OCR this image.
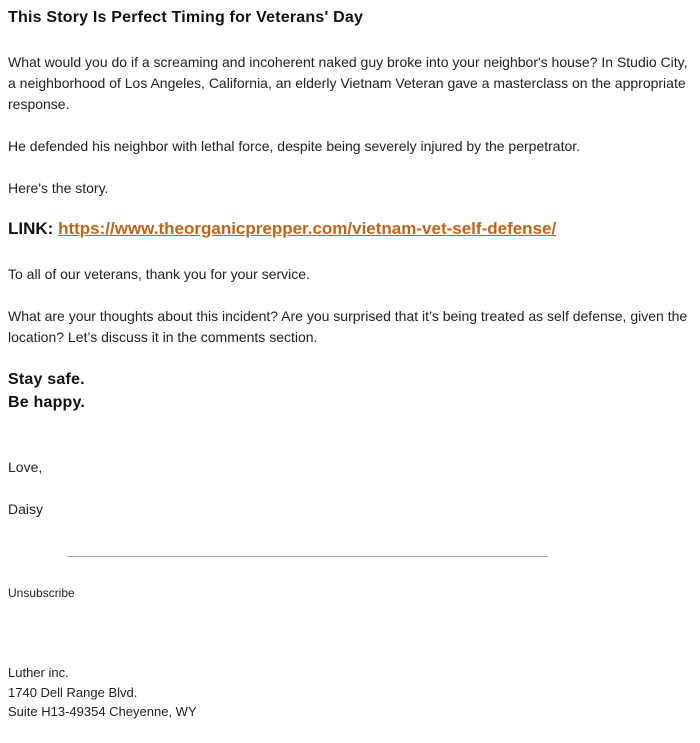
This Story Is Perfect Timing for Veterans' Day

What would you do if a screaming and incoherent naked guy broke into your neighbor's house? In Studio City, a neighborhood of Los Angeles, California, an elderly Vietnam Veteran gave a masterclass on the appropriate response.

He defended his neighbor with lethal force, despite being severely injured by the perpetrator.

Here's the story.

LINK: https://www.theorganicprepper.com/vietnam-vet-self-defense/

To all of our veterans, thank you for your service.

What are your thoughts about this incident? Are you surprised that it’s being treated as self defense, given the location? Let’s discuss it in the comments section.

Stay safe.

Be happy.

Love,

Daisy

Unsubscribe
Luther inc.
1740 Dell Range Blvd.
Suite H13-49354 Cheyenne, WY
